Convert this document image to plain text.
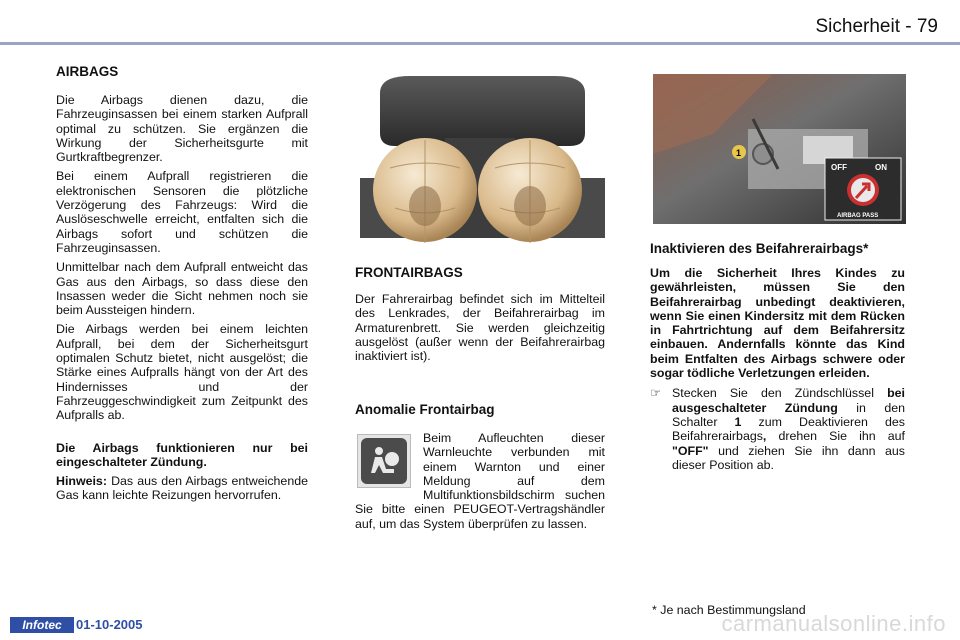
Sicherheit - 79
AIRBAGS

Die Airbags dienen dazu, die Fahrzeuginsassen bei einem starken Aufprall optimal zu schützen. Sie ergänzen die Wirkung der Sicherheitsgurte mit Gurtkraftbegrenzer.

Bei einem Aufprall registrieren die elektronischen Sensoren die plötzliche Verzögerung des Fahrzeugs: Wird die Auslöseschwelle erreicht, entfalten sich die Airbags sofort und schützen die Fahrzeuginsassen.

Unmittelbar nach dem Aufprall entweicht das Gas aus den Airbags, so dass diese den Insassen weder die Sicht nehmen noch sie beim Aussteigen hindern.

Die Airbags werden bei einem leichten Aufprall, bei dem der Sicherheitsgurt optimalen Schutz bietet, nicht ausgelöst; die Stärke eines Aufpralls hängt von der Art des Hindernisses und der Fahrzeuggeschwindigkeit zum Zeitpunkt des Aufpralls ab.

Die Airbags funktionieren nur bei eingeschalteter Zündung.

Hinweis: Das aus den Airbags entweichende Gas kann leichte Reizungen hervorrufen.

FRONTAIRBAGS

Der Fahrerairbag befindet sich im Mittelteil des Lenkrades, der Beifahrerairbag im Armaturenbrett. Sie werden gleichzeitig ausgelöst (außer wenn der Beifahrerairbag inaktiviert ist).

Anomalie Frontairbag

Beim Aufleuchten dieser Warnleuchte verbunden mit einem Warnton und einer Meldung auf dem Multifunktionsbildschirm suchen Sie bitte einen PEUGEOT-Vertragshändler auf, um das System überprüfen zu lassen.

1
OFF	ON
AIRBAG PASS
Inaktivieren des Beifahrerairbags*

Um die Sicherheit Ihres Kindes zu gewährleisten, müssen Sie den Beifahrerairbag unbedingt deaktivieren, wenn Sie einen Kindersitz mit dem Rücken in Fahrtrichtung auf dem Beifahrersitz einbauen. Andernfalls könnte das Kind beim Entfalten des Airbags schwere oder sogar tödliche Verletzungen erleiden.

☞ Stecken Sie den Zündschlüssel bei ausgeschalteter Zündung in den Schalter 1 zum Deaktivieren des Beifahrerairbags, drehen Sie ihn auf "OFF" und ziehen Sie ihn dann aus dieser Position ab.
* Je nach Bestimmungsland
Infotec	01-10-2005	carmanualsonline.info
